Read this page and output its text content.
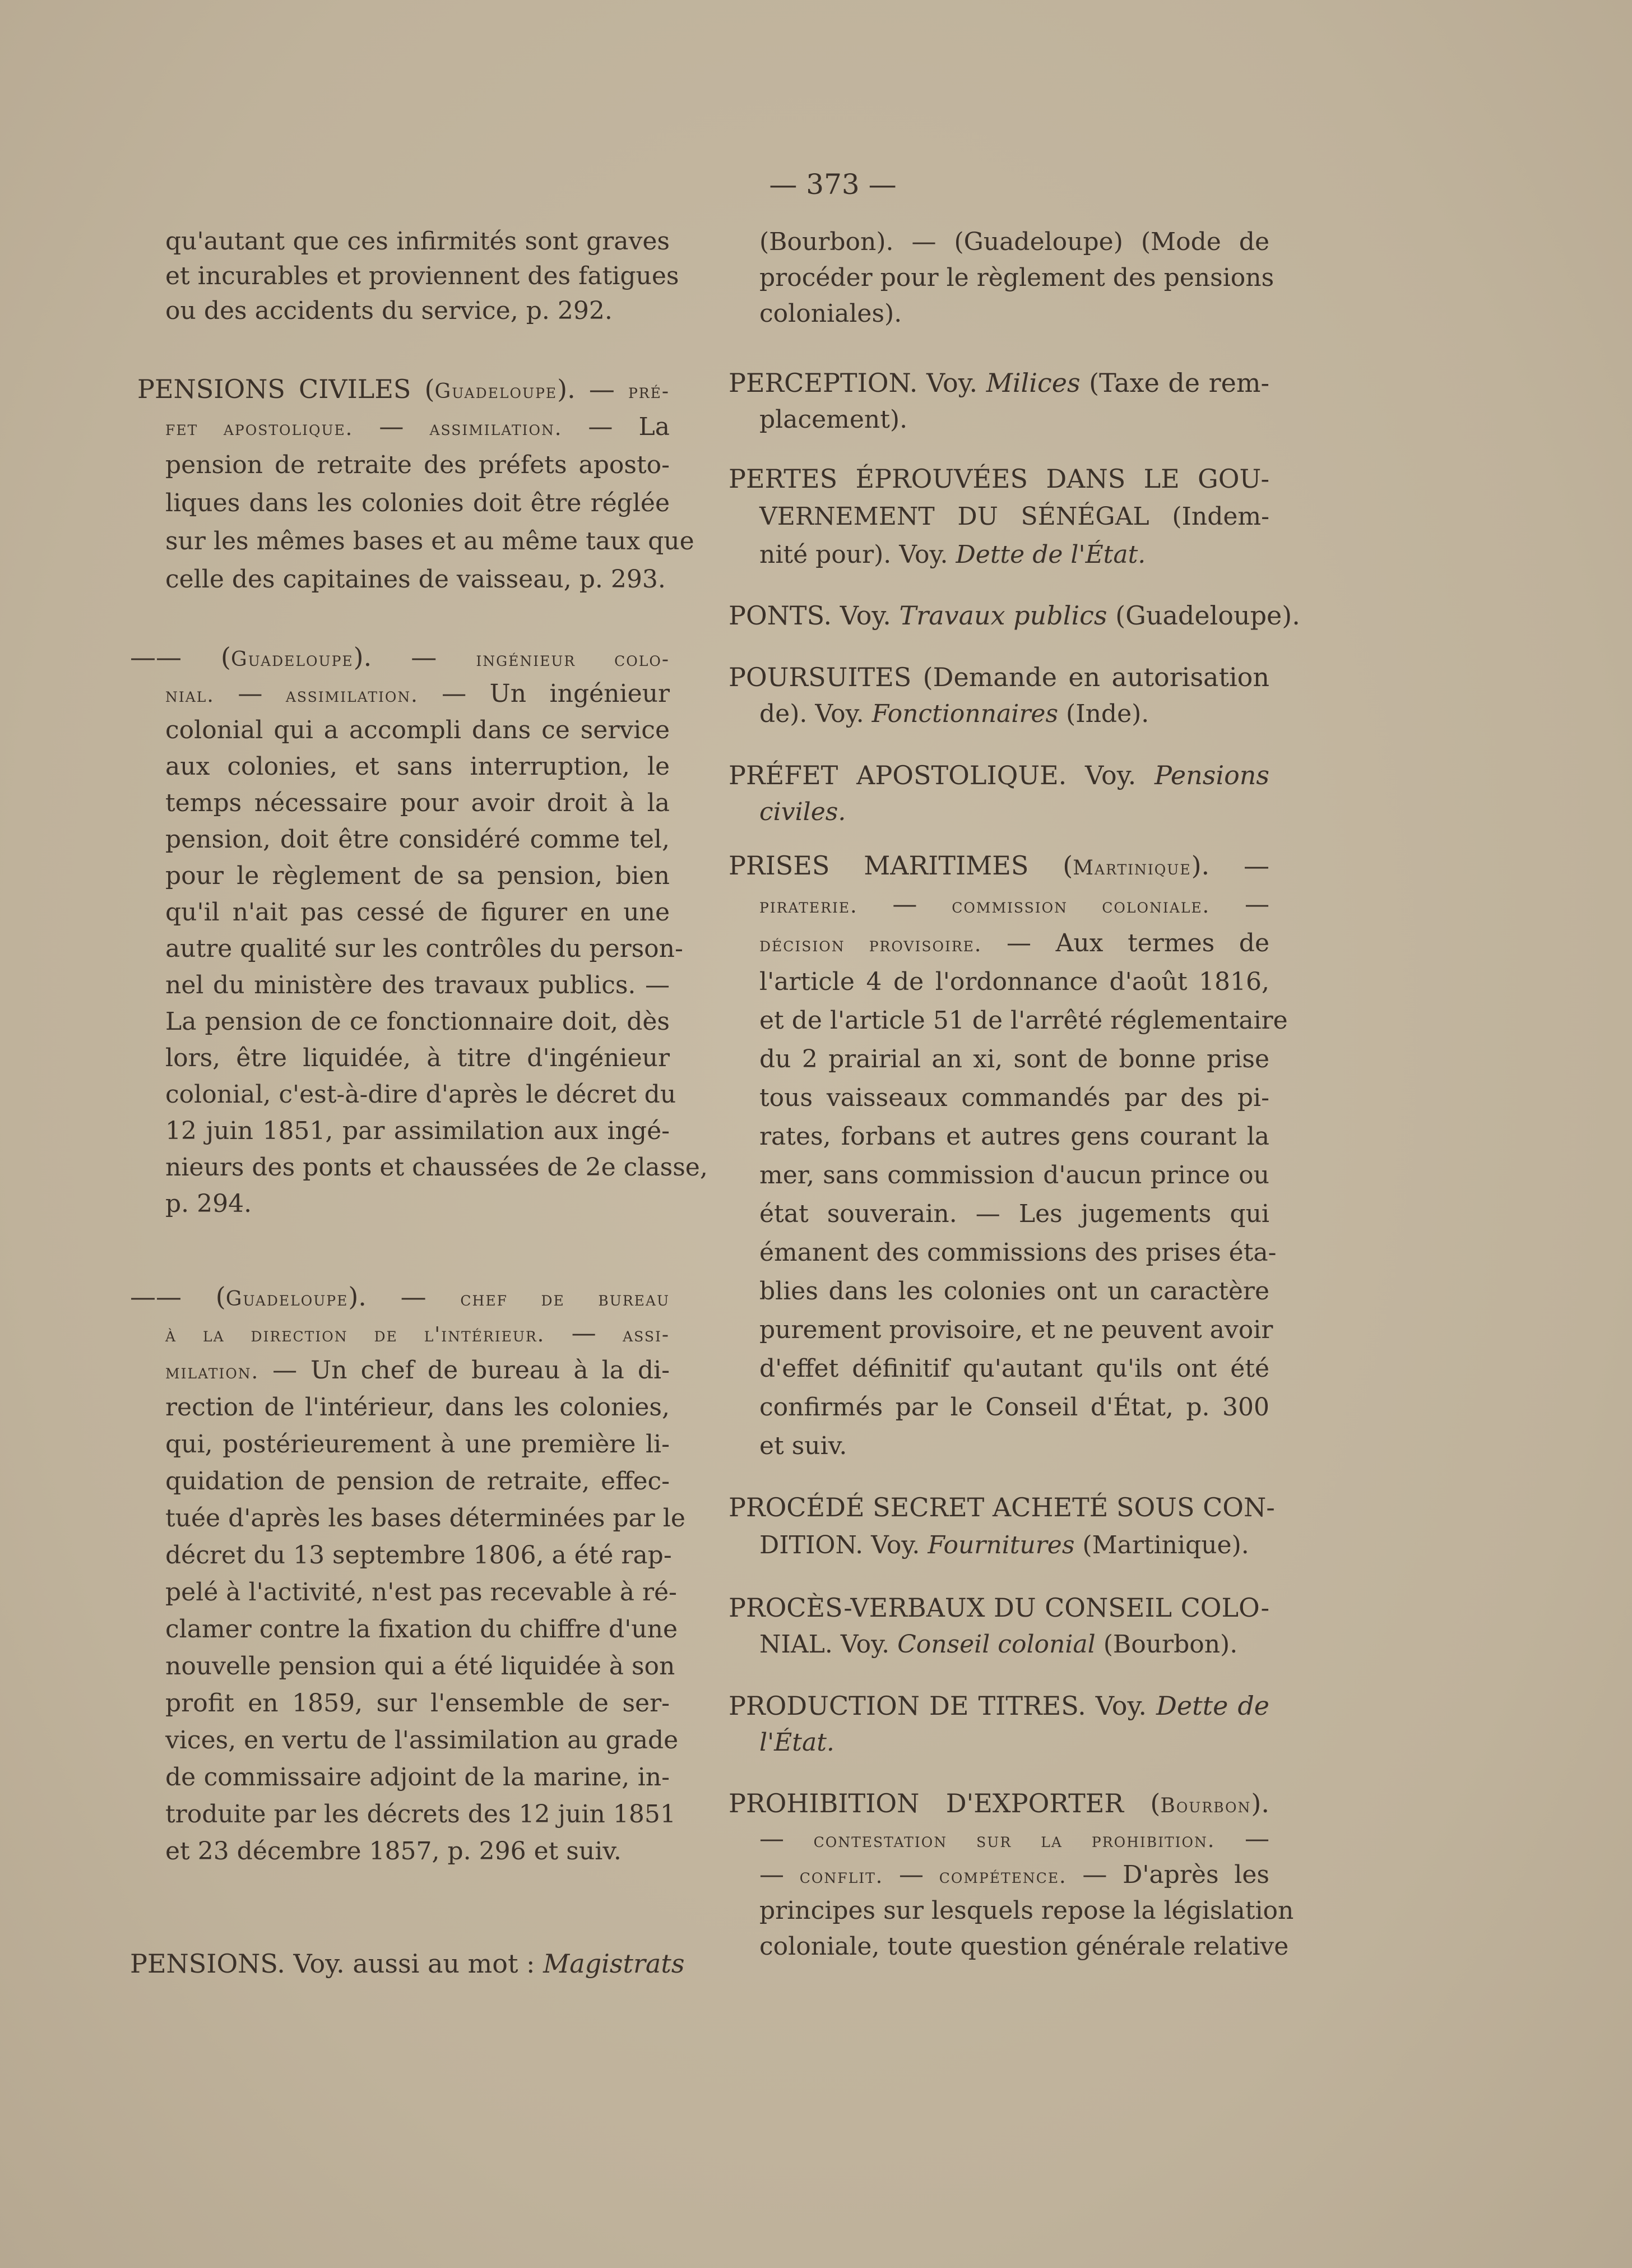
— 373 —
qu'autant que ces infirmités sont graves
et incurables et proviennent des fatigues
ou des accidents du service, p. 292.
PENSIONS CIVILES (Guadeloupe). — pré-
fet apostolique. — assimilation. — La
pension de retraite des préfets aposto-
liques dans les colonies doit être réglée
sur les mêmes bases et au même taux que
celle des capitaines de vaisseau, p. 293.
—— (Guadeloupe). — ingénieur colo-
nial. — assimilation. — Un ingénieur
colonial qui a accompli dans ce service
aux colonies, et sans interruption, le
temps nécessaire pour avoir droit à la
pension, doit être considéré comme tel,
pour le règlement de sa pension, bien
qu'il n'ait pas cessé de figurer en une
autre qualité sur les contrôles du person-
nel du ministère des travaux publics. —
La pension de ce fonctionnaire doit, dès
lors, être liquidée, à titre d'ingénieur
colonial, c'est-à-dire d'après le décret du
12 juin 1851, par assimilation aux ingé-
nieurs des ponts et chaussées de 2e classe,
p. 294.
—— (Guadeloupe). — chef de bureau
à la direction de l'intérieur. — assi-
milation. — Un chef de bureau à la di-
rection de l'intérieur, dans les colonies,
qui, postérieurement à une première li-
quidation de pension de retraite, effec-
tuée d'après les bases déterminées par le
décret du 13 septembre 1806, a été rap-
pelé à l'activité, n'est pas recevable à ré-
clamer contre la fixation du chiffre d'une
nouvelle pension qui a été liquidée à son
profit en 1859, sur l'ensemble de ser-
vices, en vertu de l'assimilation au grade
de commissaire adjoint de la marine, in-
troduite par les décrets des 12 juin 1851
et 23 décembre 1857, p. 296 et suiv.
PENSIONS. Voy. aussi au mot : Magistrats
(Bourbon). — (Guadeloupe) (Mode de
procéder pour le règlement des pensions
coloniales).
PERCEPTION. Voy. Milices (Taxe de rem-
placement).
PERTES ÉPROUVÉES DANS LE GOU-
VERNEMENT DU SÉNÉGAL (Indem-
nité pour). Voy. Dette de l'État.
PONTS. Voy. Travaux publics (Guadeloupe).
POURSUITES (Demande en autorisation
de). Voy. Fonctionnaires (Inde).
PRÉFET APOSTOLIQUE. Voy. Pensions
civiles.
PRISES MARITIMES (Martinique). —
piraterie. — commission coloniale. —
décision provisoire. — Aux termes de
l'article 4 de l'ordonnance d'août 1816,
et de l'article 51 de l'arrêté réglementaire
du 2 prairial an xi, sont de bonne prise
tous vaisseaux commandés par des pi-
rates, forbans et autres gens courant la
mer, sans commission d'aucun prince ou
état souverain. — Les jugements qui
émanent des commissions des prises éta-
blies dans les colonies ont un caractère
purement provisoire, et ne peuvent avoir
d'effet définitif qu'autant qu'ils ont été
confirmés par le Conseil d'État, p. 300
et suiv.
PROCÉDÉ SECRET ACHETÉ SOUS CON-
DITION. Voy. Fournitures (Martinique).
PROCÈS-VERBAUX DU CONSEIL COLO-
NIAL. Voy. Conseil colonial (Bourbon).
PRODUCTION DE TITRES. Voy. Dette de
l'État.
PROHIBITION D'EXPORTER (Bourbon).
— contestation sur la prohibition. —
— conflit. — compétence. — D'après les
principes sur lesquels repose la législation
coloniale, toute question générale relative
